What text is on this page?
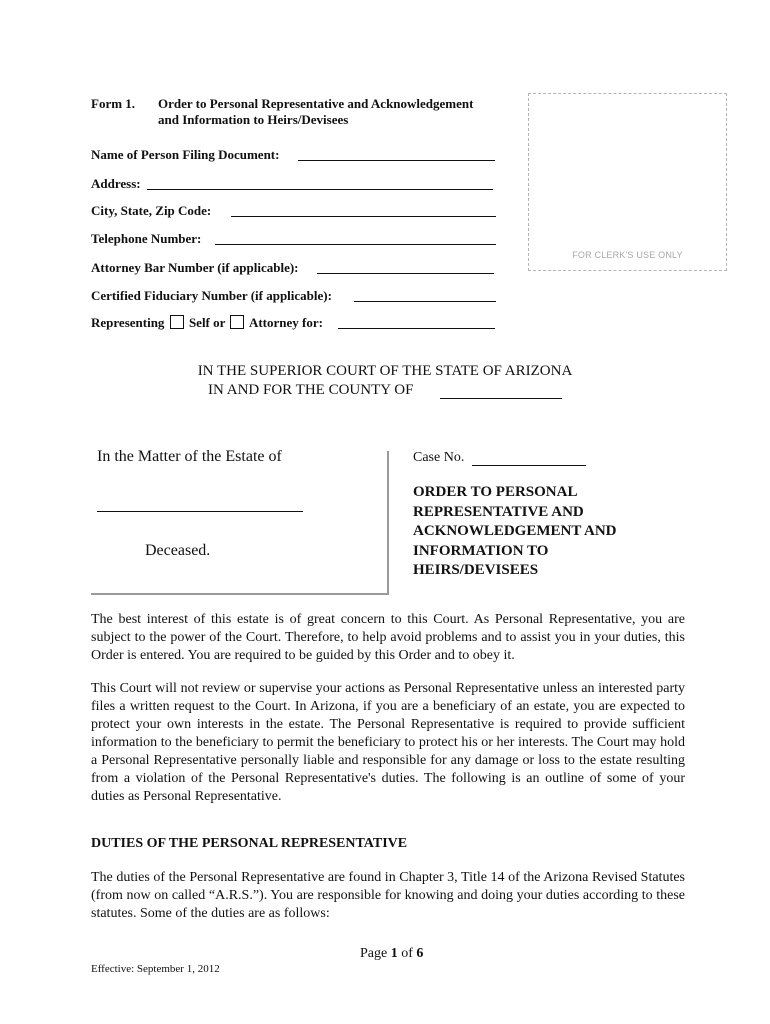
Form 1. Order to Personal Representative and Acknowledgement
and Information to Heirs/Devisees
Name of Person Filing Document:
Address:
City, State, Zip Code:
Telephone Number:
Attorney Bar Number (if applicable):
Certified Fiduciary Number (if applicable):
Representing Self or Attorney for:
FOR CLERK'S USE ONLY
IN THE SUPERIOR COURT OF THE STATE OF ARIZONA
IN AND FOR THE COUNTY OF
In the Matter of the Estate of
Deceased.
Case No.
ORDER TO PERSONAL
REPRESENTATIVE AND
ACKNOWLEDGEMENT AND
INFORMATION TO
HEIRS/DEVISEES
The best interest of this estate is of great concern to this Court. As Personal Representative, you are subject to the power of the Court. Therefore, to help avoid problems and to assist you in your duties, this Order is entered. You are required to be guided by this Order and to obey it.
This Court will not review or supervise your actions as Personal Representative unless an interested party files a written request to the Court. In Arizona, if you are a beneficiary of an estate, you are expected to protect your own interests in the estate. The Personal Representative is required to provide sufficient information to the beneficiary to permit the beneficiary to protect his or her interests. The Court may hold a Personal Representative personally liable and responsible for any damage or loss to the estate resulting from a violation of the Personal Representative's duties. The following is an outline of some of your duties as Personal Representative.
DUTIES OF THE PERSONAL REPRESENTATIVE
The duties of the Personal Representative are found in Chapter 3, Title 14 of the Arizona Revised Statutes (from now on called “A.R.S.”). You are responsible for knowing and doing your duties according to these statutes. Some of the duties are as follows:
Page 1 of 6
Effective: September 1, 2012
